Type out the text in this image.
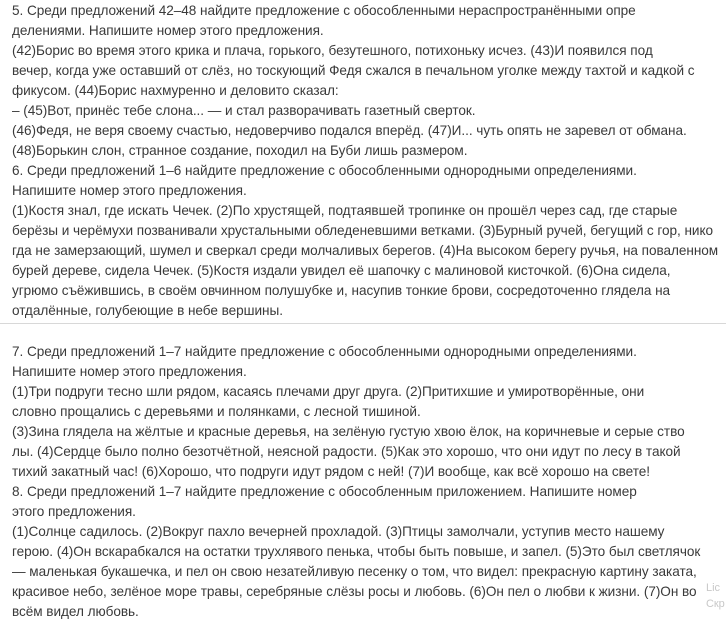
5. Среди предложений 42–48 найдите предложение с обособленными нераспространёнными опре
делениями. Напишите номер этого предложения.
(42)Борис во время этого крика и плача, горького, безутешного, потихоньку исчез. (43)И появился под
вечер, когда уже оставший от слёз, но тоскующий Федя сжался в печальном уголке между тахтой и кадкой с
фикусом. (44)Борис нахмуренно и деловито сказал:
– (45)Вот, принёс тебе слона... — и стал разворачивать газетный сверток.
(46)Федя, не веря своему счастью, недоверчиво подался вперёд. (47)И... чуть опять не заревел от обмана.
(48)Борькин слон, странное создание, походил на Буби лишь размером.
6. Среди предложений 1–6 найдите предложение с обособленными однородными определениями.
Напишите номер этого предложения.
(1)Костя знал, где искать Чечек. (2)По хрустящей, подтаявшей тропинке он прошёл через сад, где старые
берёзы и черёмухи позванивали хрустальными обледеневшими ветками. (3)Бурный ручей, бегущий с гор, нико
гда не замерзающий, шумел и сверкал среди молчаливых берегов. (4)На высоком берегу ручья, на поваленном
бурей дереве, сидела Чечек. (5)Костя издали увидел её шапочку с малиновой кисточкой. (6)Она сидела,
угрюмо съёжившись, в своём овчинном полушубке и, насупив тонкие брови, сосредоточенно глядела на
отдалённые, голубеющие в небе вершины.
7. Среди предложений 1–7 найдите предложение с обособленными однородными определениями.
Напишите номер этого предложения.
(1)Три подруги тесно шли рядом, касаясь плечами друг друга. (2)Притихшие и умиротворённые, они
словно прощались с деревьями и полянками, с лесной тишиной.
(3)Зина глядела на жёлтые и красные деревья, на зелёную густую хвою ёлок, на коричневые и серые ство
лы. (4)Сердце было полно безотчётной, неясной радости. (5)Как это хорошо, что они идут по лесу в такой
тихий закатный час! (6)Хорошо, что подруги идут рядом с ней! (7)И вообще, как всё хорошо на свете!
8. Среди предложений 1–7 найдите предложение с обособленным приложением. Напишите номер
этого предложения.
(1)Солнце садилось. (2)Вокруг пахло вечерней прохладой. (3)Птицы замолчали, уступив место нашему
герою. (4)Он вскарабкался на остатки трухлявого пенька, чтобы быть повыше, и запел. (5)Это был светлячок
— маленькая букашечка, и пел он свою незатейливую песенку о том, что видел: прекрасную картину заката,
красивое небо, зелёное море травы, серебряные слёзы росы и любовь. (6)Он пел о любви к жизни. (7)Он во
всём видел любовь.
Lic
Скр
